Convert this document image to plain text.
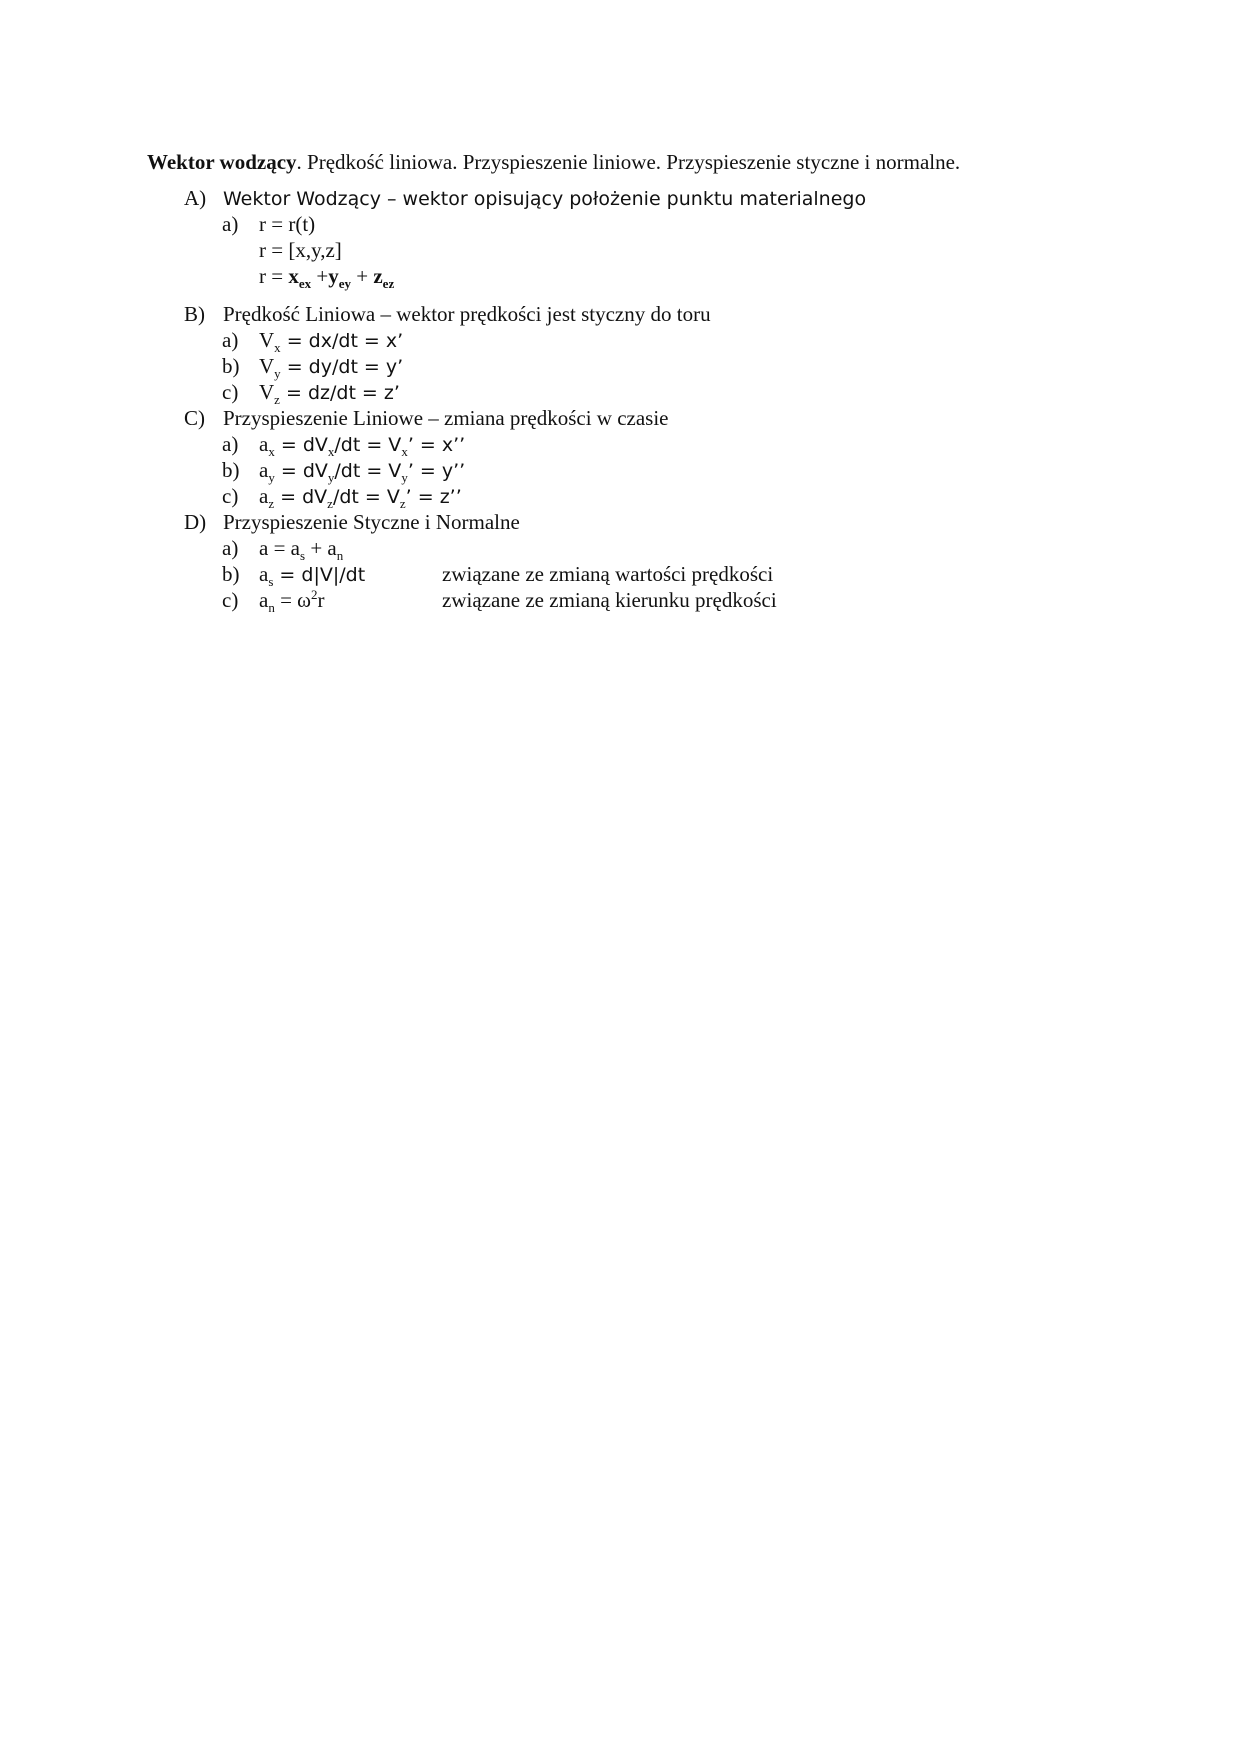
Wektor wodzący. Prędkość liniowa. Przyspieszenie liniowe. Przyspieszenie styczne i normalne.
A) Wektor Wodzący – wektor opisujący położenie punktu materialnego
a) r = r(t)
r = [x,y,z]
$r = x_{ex} +y_{ey} + z_{ez}$
B) Prędkość Liniowa – wektor prędkości jest styczny do toru
a) $V_x = dx/dt = x$’
b) $V_y = dy/dt = y$’
c) $V_z = dz/dt = z$’
C) Przyspieszenie Liniowe – zmiana prędkości w czasie
a) $a_x = dV_x/dt = V_x$’ = x’’
b) $a_y = dV_y/dt = V_y$’ = y’’
c) $a_z = dV_z/dt = V_z$’ = z’’
D) Przyspieszenie Styczne i Normalne
a) $a = a_s + a_n$
b) $a_s = d|V|/dt$	związane ze zmianą wartości prędkości
c) $a_n = \omega^2r$	związane ze zmianą kierunku prędkości
